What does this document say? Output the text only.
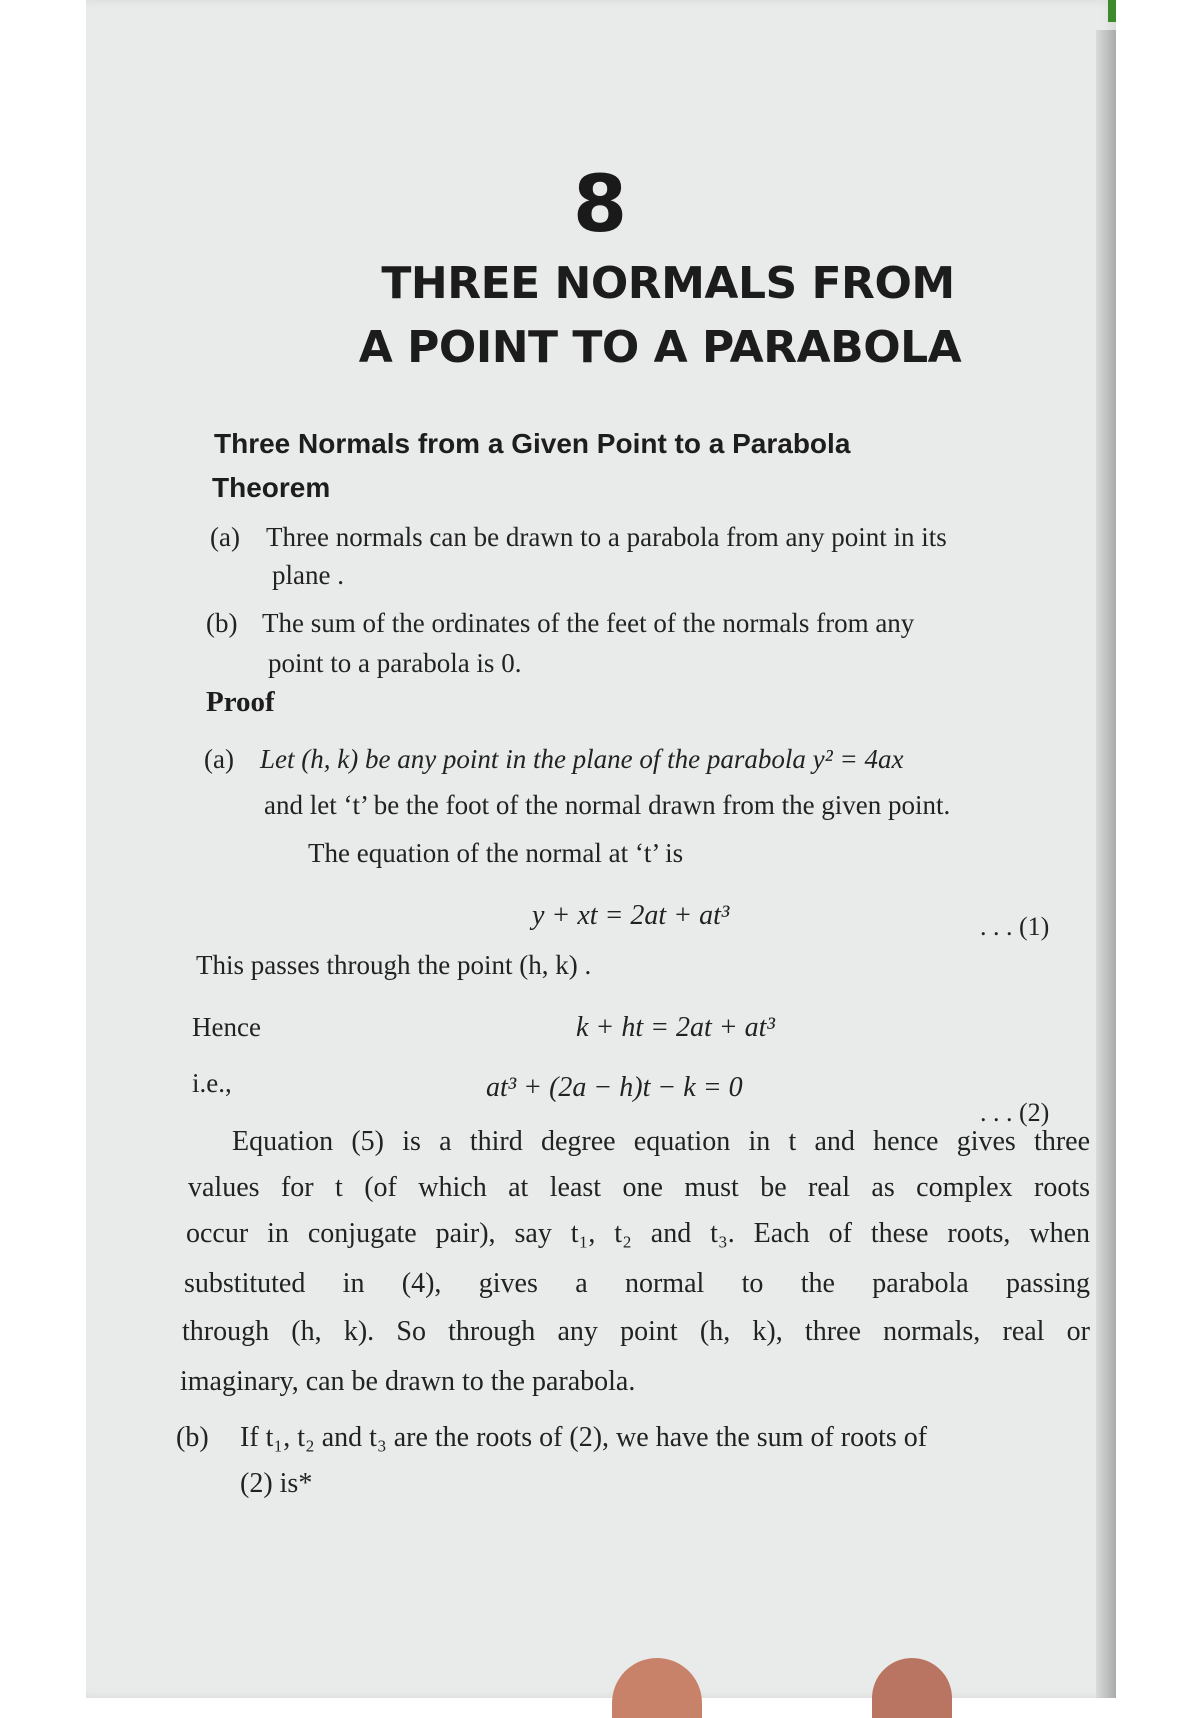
8
THREE NORMALS FROM
A POINT TO A PARABOLA
Three Normals from a Given Point to a Parabola
Theorem
(a) Three normals can be drawn to a parabola from any point in its
plane .
(b) The sum of the ordinates of the feet of the normals from any
point to a parabola is 0.
Proof
(a) Let (h, k) be any point in the plane of the parabola y² = 4ax
and let ‘t’ be the foot of the normal drawn from the given point.
The equation of the normal at ‘t’ is
y + xt = 2at + at³	. . . (1)
This passes through the point (h, k) .
Hence	k + ht = 2at + at³
i.e.,	at³ + (2a − h)t − k = 0
. . . (2)
Equation (5) is a third degree equation in t and hence gives three
values for t (of which at least one must be real as complex roots
occur in conjugate pair), say t₁, t₂ and t₃. Each of these roots, when
substituted in (4), gives a normal to the parabola passing
through (h, k). So through any point (h, k), three normals, real or
imaginary, can be drawn to the parabola.
(b) If t₁, t₂ and t₃ are the roots of (2), we have the sum of roots of
(2) is*
